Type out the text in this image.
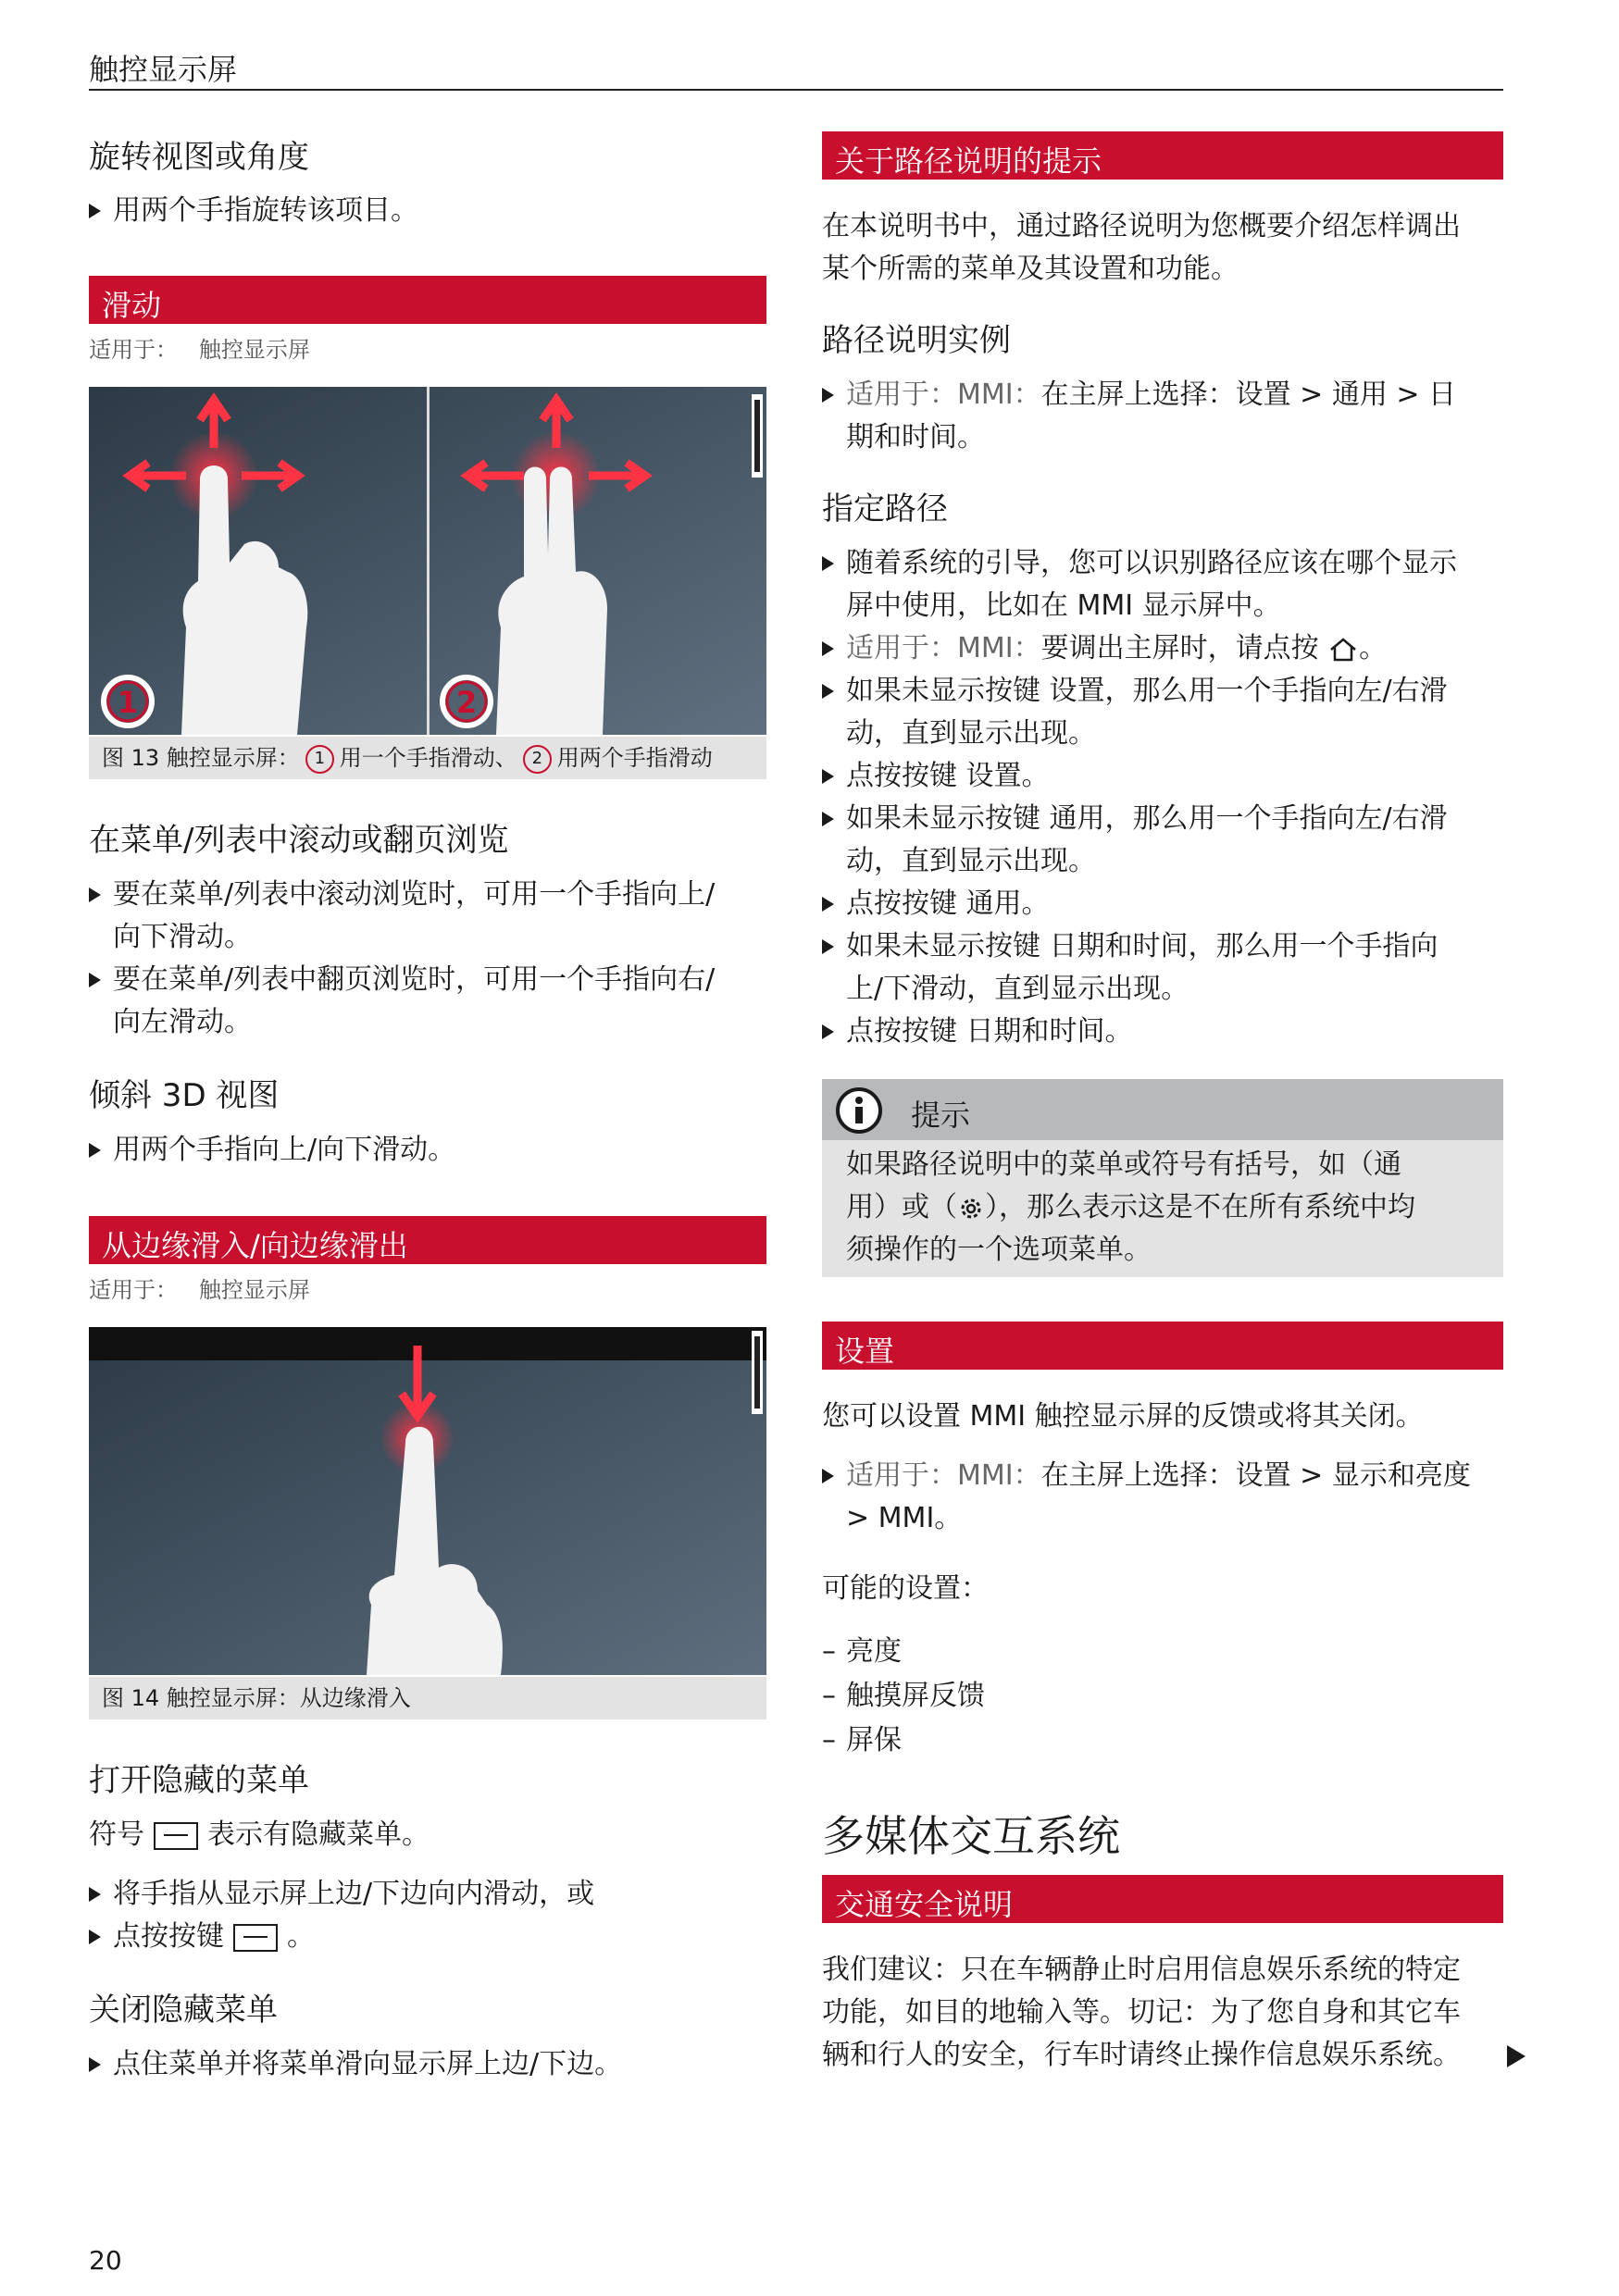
触控显示屏
旋转视图或角度
用两个手指旋转该项目。
滑动
适用于： 触控显示屏
1	2
图 13 触控显示屏： 1 用一个手指滑动、 2 用两个手指滑动
在菜单/列表中滚动或翻页浏览
要在菜单/列表中滚动浏览时，可用一个手指向上/
向下滑动。
要在菜单/列表中翻页浏览时，可用一个手指向右/
向左滑动。
倾斜 3D 视图
用两个手指向上/向下滑动。
从边缘滑入/向边缘滑出
适用于： 触控显示屏
图 14 触控显示屏：从边缘滑入
打开隐藏的菜单
符号 表示有隐藏菜单。
将手指从显示屏上边/下边向内滑动，或
点按按键 。
关闭隐藏菜单
点住菜单并将菜单滑向显示屏上边/下边。
关于路径说明的提示
在本说明书中，通过路径说明为您概要介绍怎样调出
某个所需的菜单及其设置和功能。
路径说明实例
适用于：MMI：在主屏上选择：设置 > 通用 > 日
期和时间。
指定路径
随着系统的引导，您可以识别路径应该在哪个显示
屏中使用，比如在 MMI 显示屏中。
适用于：MMI：要调出主屏时，请点按 。
如果未显示按键 设置，那么用一个手指向左/右滑
动，直到显示出现。
点按按键 设置。
如果未显示按键 通用，那么用一个手指向左/右滑
动，直到显示出现。
点按按键 通用。
如果未显示按键 日期和时间，那么用一个手指向
上/下滑动，直到显示出现。
点按按键 日期和时间。
提示
如果路径说明中的菜单或符号有括号，如（通
用）或（ ），那么表示这是不在所有系统中均
须操作的一个选项菜单。
设置
您可以设置 MMI 触控显示屏的反馈或将其关闭。
适用于：MMI：在主屏上选择：设置 > 显示和亮度
> MMI。
可能的设置：
– 亮度
– 触摸屏反馈
– 屏保
多媒体交互系统
交通安全说明
我们建议：只在车辆静止时启用信息娱乐系统的特定
功能，如目的地输入等。切记：为了您自身和其它车
辆和行人的安全，行车时请终止操作信息娱乐系统。
20
